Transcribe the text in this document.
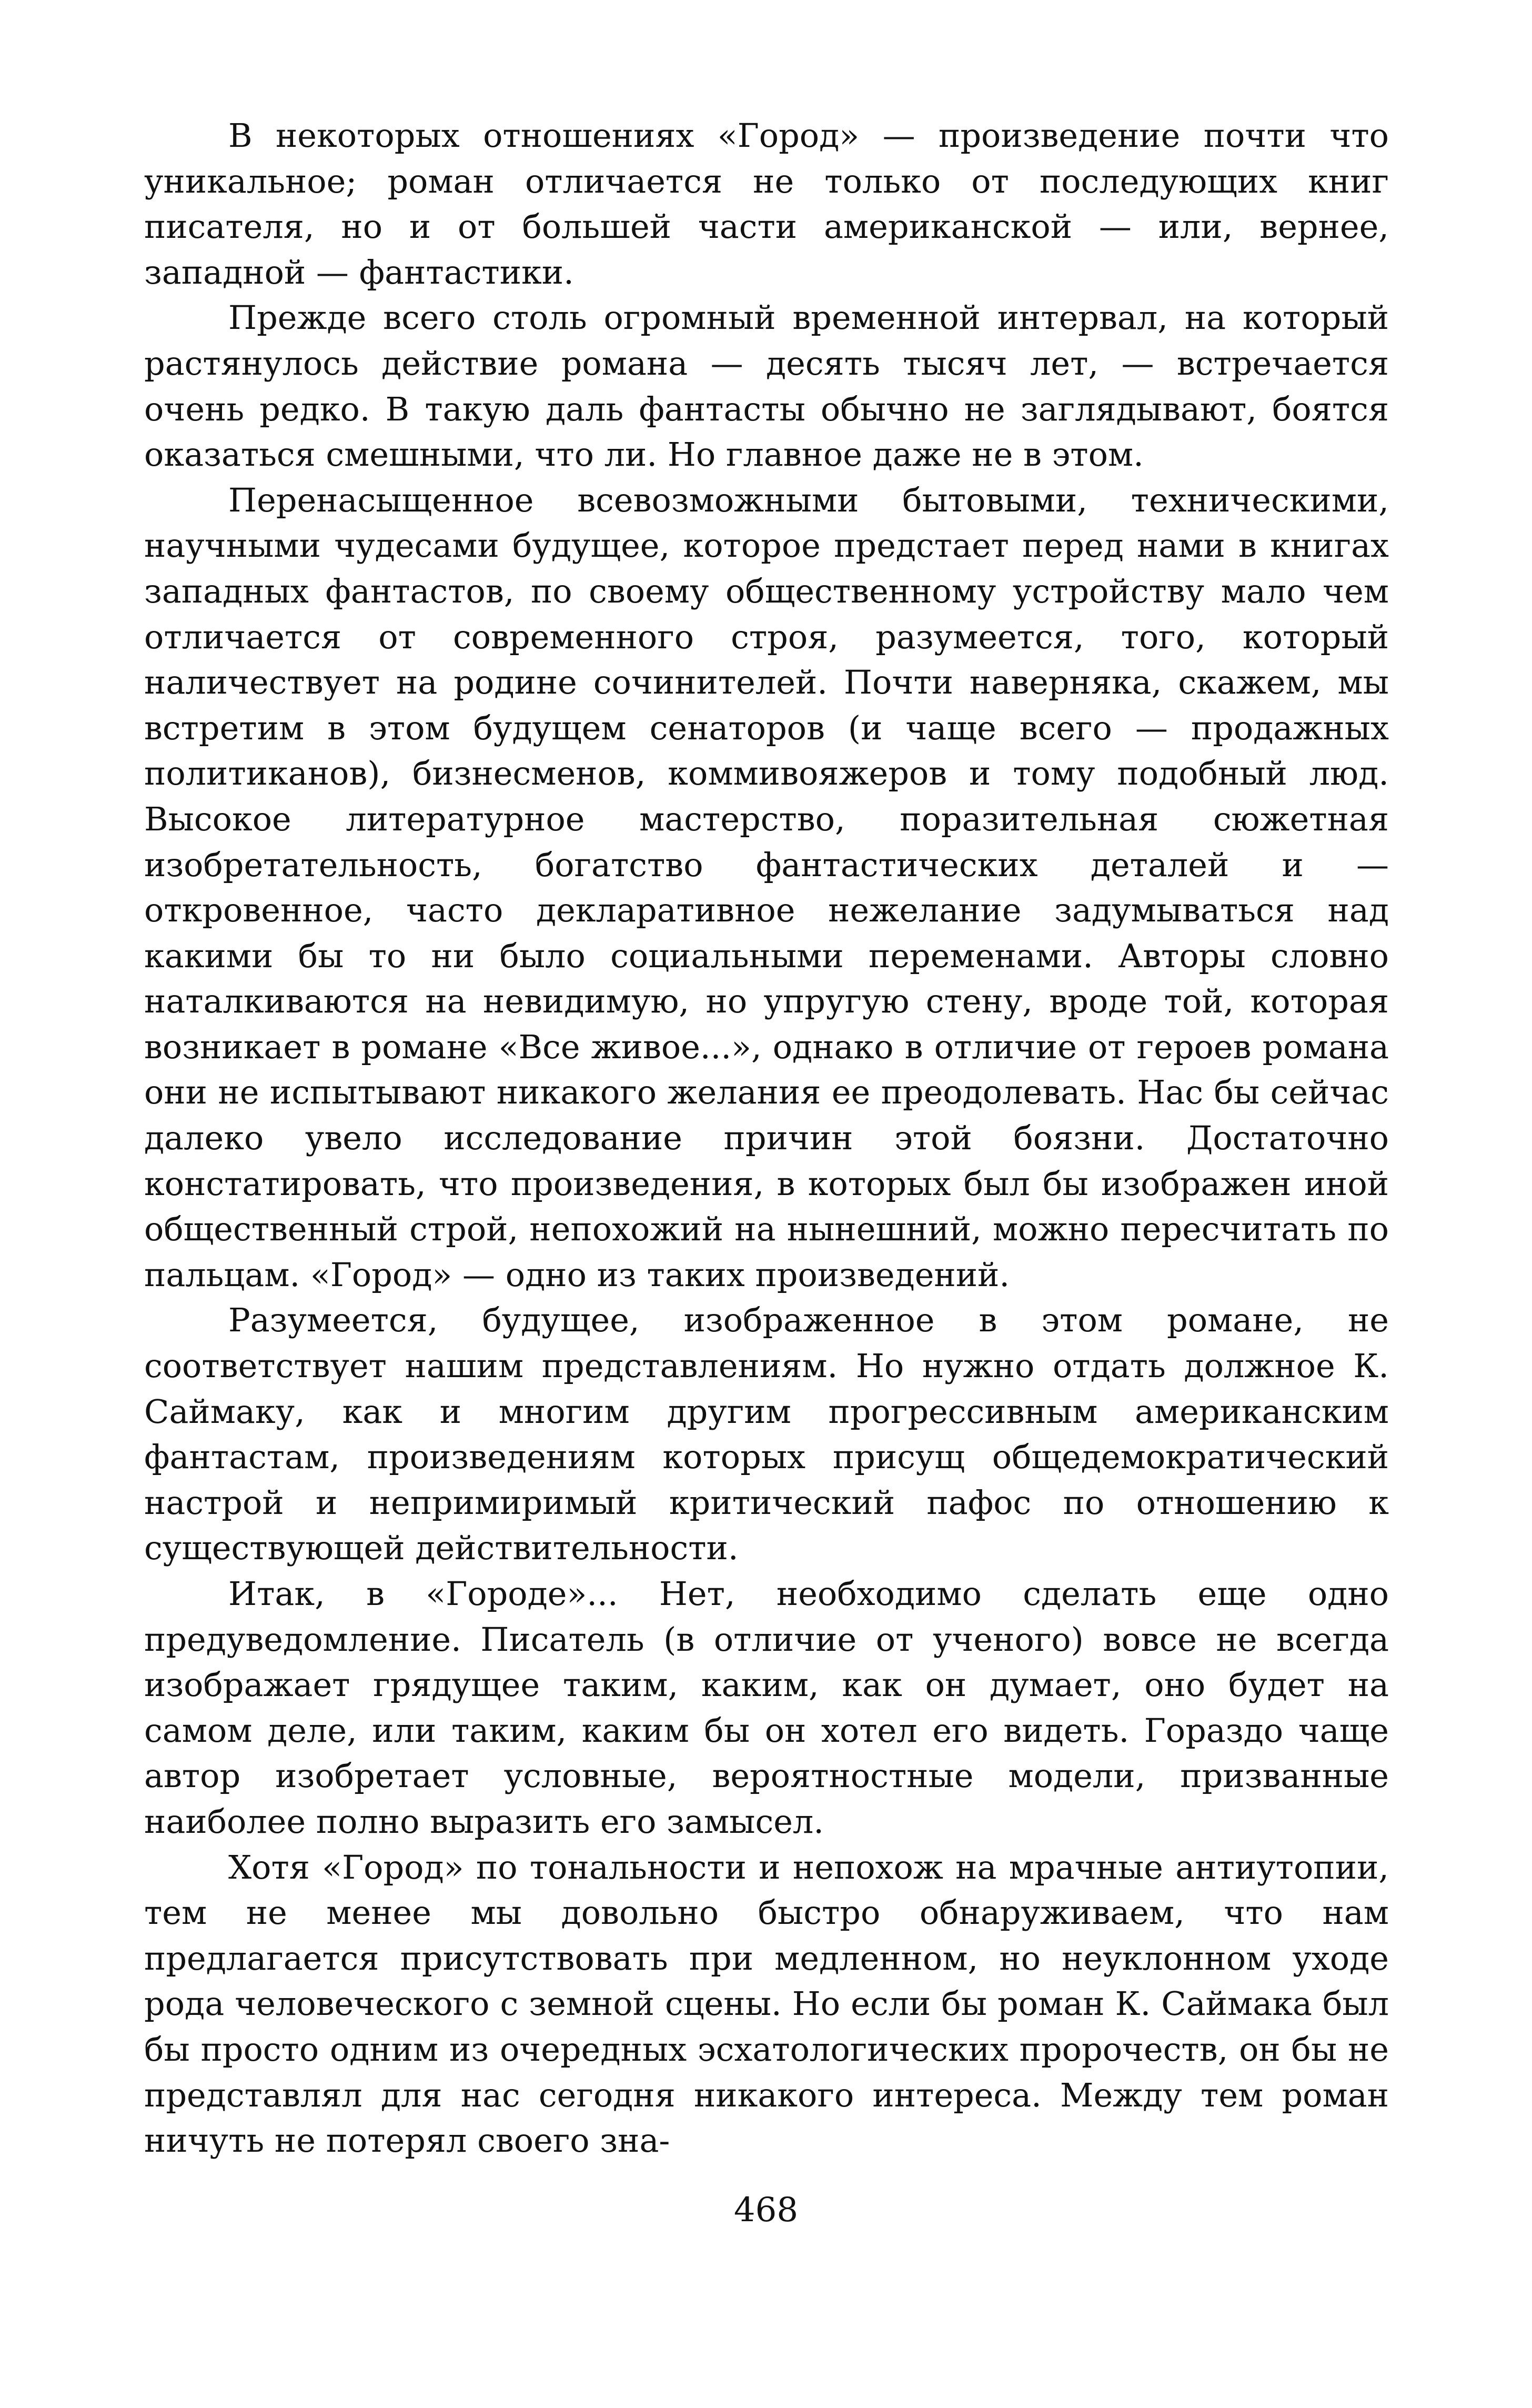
В некоторых отношениях «Город» — произведение почти что уникальное; роман отличается не только от последующих книг писателя, но и от большей части американской — или, вернее, западной — фантастики.

Прежде всего столь огромный временной интервал, на который растянулось действие романа — десять тысяч лет, — встречается очень редко. В такую даль фантасты обычно не заглядывают, боятся оказаться смешными, что ли. Но главное даже не в этом.

Перенасыщенное всевозможными бытовыми, техническими, научными чудесами будущее, которое предстает перед нами в книгах западных фантастов, по своему общественному устройству мало чем отличается от современного строя, разумеется, того, который наличествует на родине сочинителей. Почти наверняка, скажем, мы встретим в этом будущем сенаторов (и чаще всего — продажных политиканов), бизнесменов, коммивояжеров и тому подобный люд. Высокое литературное мастерство, поразительная сюжетная изобретательность, богатство фантастических деталей и — откровенное, часто декларативное нежелание задумываться над какими бы то ни было социальными переменами. Авторы словно наталкиваются на невидимую, но упругую стену, вроде той, которая возникает в романе «Все живое...», однако в отличие от героев романа они не испытывают никакого желания ее преодолевать. Нас бы сейчас далеко увело исследование причин этой боязни. Достаточно констатировать, что произведения, в которых был бы изображен иной общественный строй, непохожий на нынешний, можно пересчитать по пальцам. «Город» — одно из таких произведений.

Разумеется, будущее, изображенное в этом романе, не соответствует нашим представлениям. Но нужно отдать должное К. Саймаку, как и многим другим прогрессивным американским фантастам, произведениям которых присущ общедемократический настрой и непримиримый критический пафос по отношению к существующей действительности.

Итак, в «Городе»... Нет, необходимо сделать еще одно предуведомление. Писатель (в отличие от ученого) вовсе не всегда изображает грядущее таким, каким, как он думает, оно будет на самом деле, или таким, каким бы он хотел его видеть. Гораздо чаще автор изобретает условные, вероятностные модели, призванные наиболее полно выразить его замысел.

Хотя «Город» по тональности и непохож на мрачные антиутопии, тем не менее мы довольно быстро обнаруживаем, что нам предлагается присутствовать при медленном, но неуклонном уходе рода человеческого с земной сцены. Но если бы роман К. Саймака был бы просто одним из очередных эсхатологических пророчеств, он бы не представлял для нас сегодня никакого интереса. Между тем роман ничуть не потерял своего зна-

468
